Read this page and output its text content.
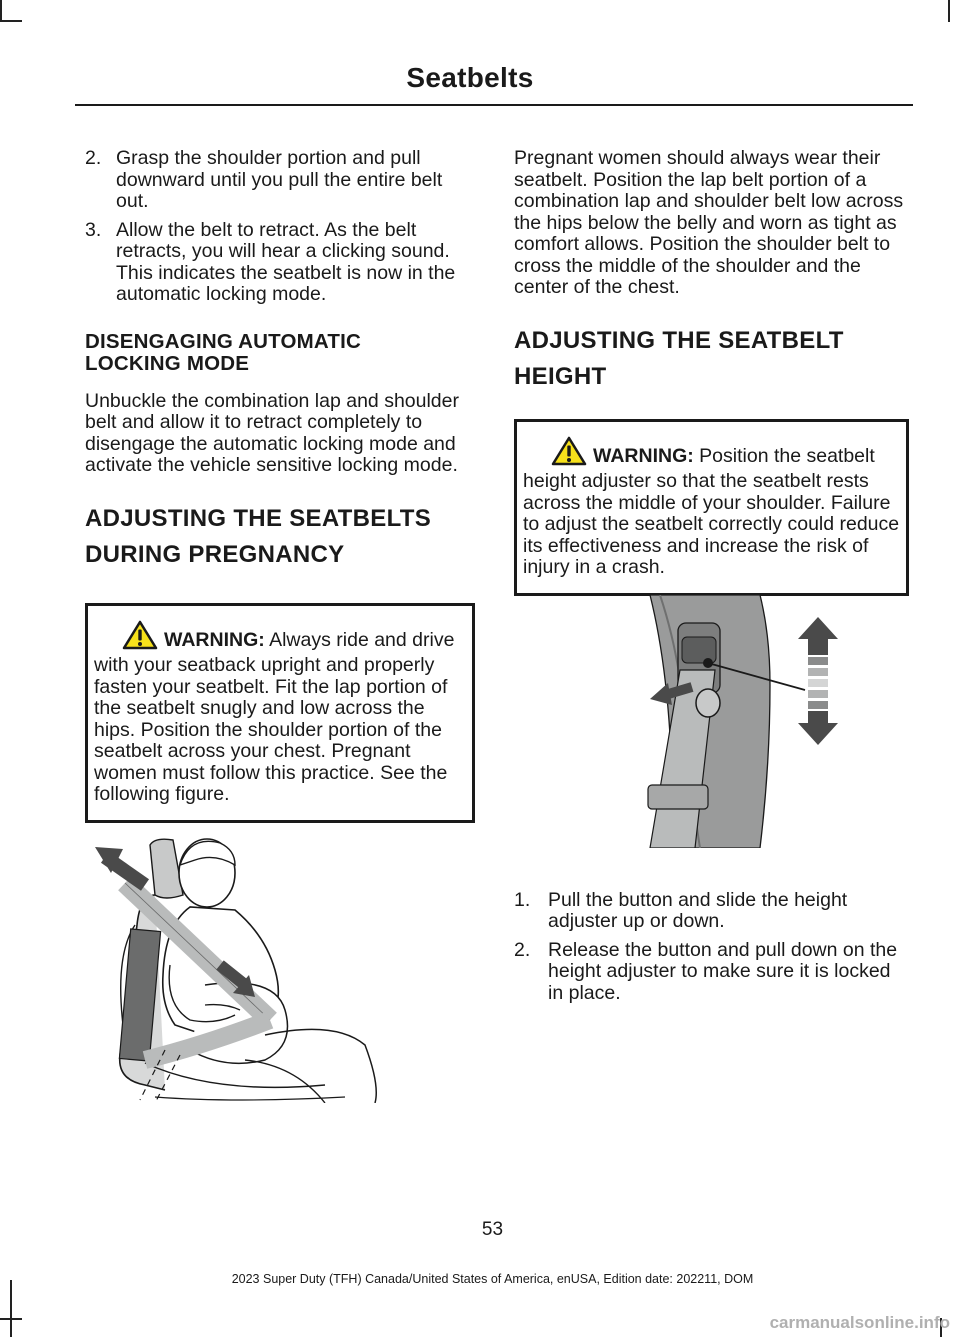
Seatbelts
2. Grasp the shoulder portion and pull downward until you pull the entire belt out.
3. Allow the belt to retract. As the belt retracts, you will hear a clicking sound. This indicates the seatbelt is now in the automatic locking mode.
DISENGAGING AUTOMATIC
LOCKING MODE

Unbuckle the combination lap and shoulder belt and allow it to retract completely to disengage the automatic locking mode and activate the vehicle sensitive locking mode.

ADJUSTING THE SEATBELTS
DURING PREGNANCY
WARNING: Always ride and drive with your seatback upright and properly fasten your seatbelt. Fit the lap portion of the seatbelt snugly and low across the hips. Position the shoulder portion of the seatbelt across your chest. Pregnant women must follow this practice. See the following figure.

Pregnant women should always wear their seatbelt. Position the lap belt portion of a combination lap and shoulder belt low across the hips below the belly and worn as tight as comfort allows. Position the shoulder belt to cross the middle of the shoulder and the center of the chest.

ADJUSTING THE SEATBELT
HEIGHT
WARNING: Position the seatbelt height adjuster so that the seatbelt rests across the middle of your shoulder. Failure to adjust the seatbelt correctly could reduce its effectiveness and increase the risk of injury in a crash.
1. Pull the button and slide the height adjuster up or down.
2. Release the button and pull down on the height adjuster to make sure it is locked in place.
53
2023 Super Duty (TFH) Canada/United States of America, enUSA, Edition date: 202211, DOM
carmanualsonline.info
